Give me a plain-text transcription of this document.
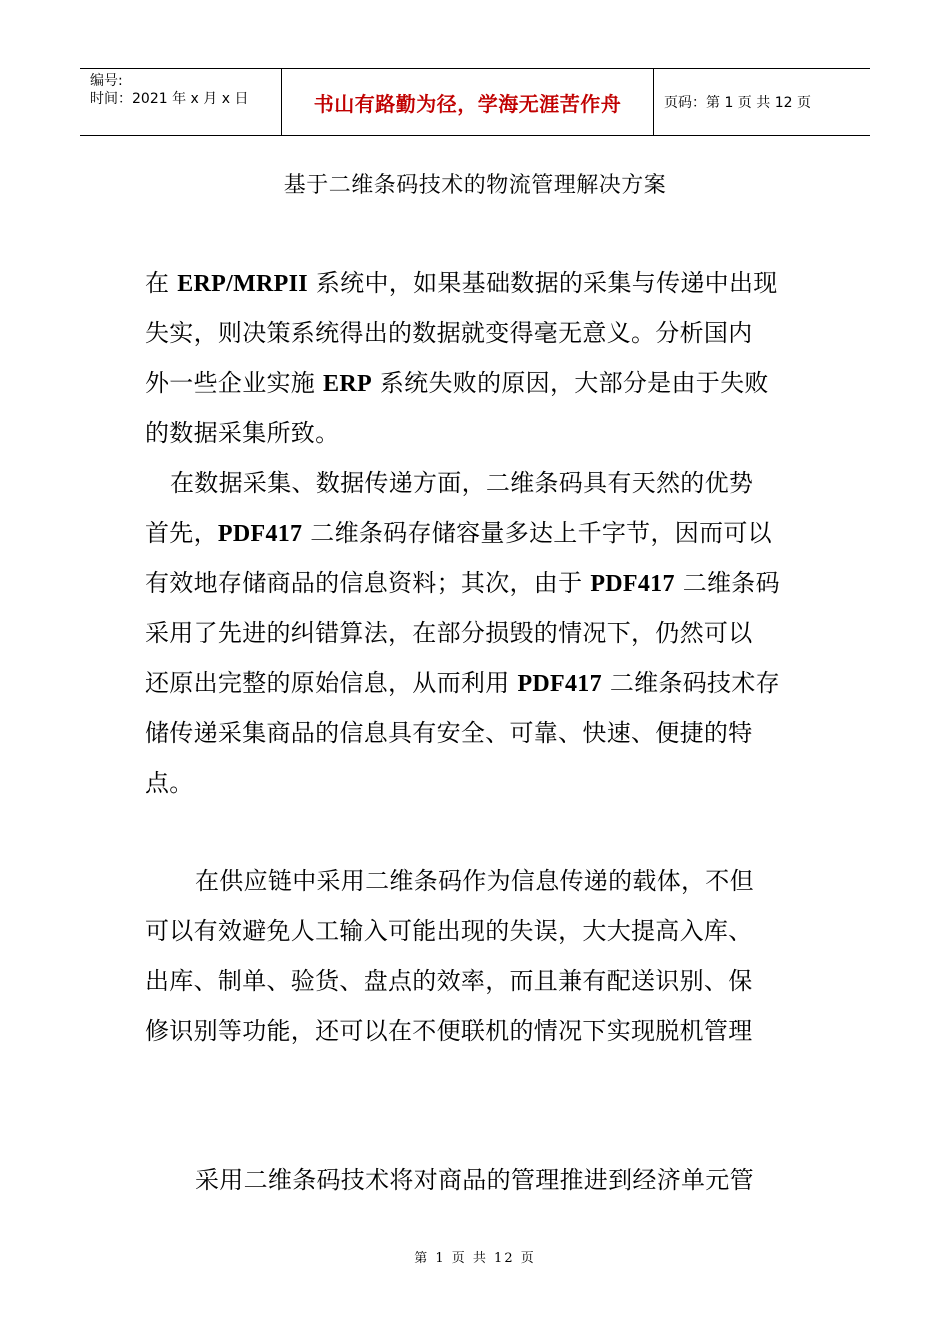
编号:
时间：2021 年 x 月 x 日	书山有路勤为径，学海无涯苦作舟	页码：第 1 页 共 12 页
基于二维条码技术的物流管理解决方案
在 ERP/MRPII 系统中，如果基础数据的采集与传递中出现
失实，则决策系统得出的数据就变得毫无意义。分析国内
外一些企业实施 ERP 系统失败的原因，大部分是由于失败
的数据采集所致。
在数据采集、数据传递方面，二维条码具有天然的优势
首先，PDF417 二维条码存储容量多达上千字节，因而可以
有效地存储商品的信息资料；其次，由于 PDF417 二维条码
采用了先进的纠错算法，在部分损毁的情况下，仍然可以
还原出完整的原始信息，从而利用 PDF417 二维条码技术存
储传递采集商品的信息具有安全、可靠、快速、便捷的特
点。
在供应链中采用二维条码作为信息传递的载体，不但
可以有效避免人工输入可能出现的失误，大大提高入库、
出库、制单、验货、盘点的效率，而且兼有配送识别、保
修识别等功能，还可以在不便联机的情况下实现脱机管理
采用二维条码技术将对商品的管理推进到经济单元管
第 1 页 共 12 页
